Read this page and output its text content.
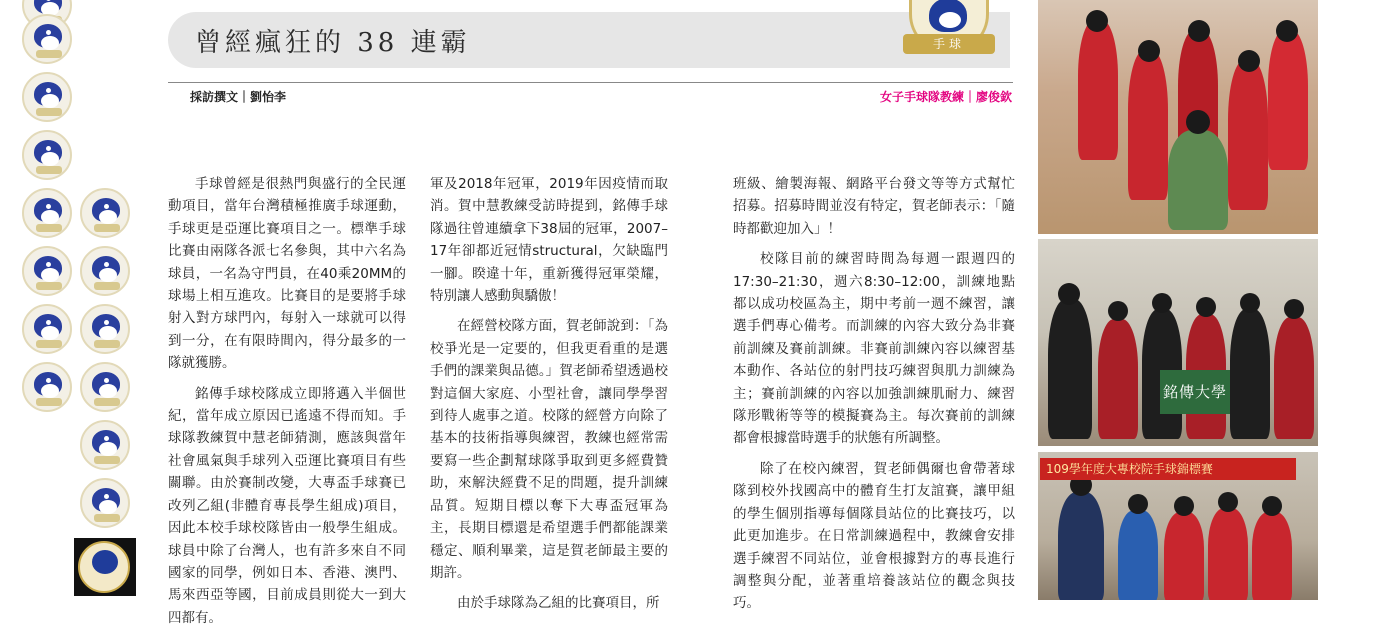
曾經瘋狂的 38 連霸	手球
採訪撰文｜劉怡李	女子手球隊教練｜廖俊欽

手球曾經是很熱門與盛行的全民運動項目，當年台灣積極推廣手球運動，手球更是亞運比賽項目之一。標準手球比賽由兩隊各派七名參與，其中六名為球員，一名為守門員，在40乘20MM的球場上相互進攻。比賽目的是要將手球射入對方球門內，每射入一球就可以得到一分，在有限時間內，得分最多的一隊就獲勝。

銘傳手球校隊成立即將邁入半個世紀，當年成立原因已遙遠不得而知。手球隊教練賀中慧老師猜測，應該與當年社會風氣與手球列入亞運比賽項目有些關聯。由於賽制改變，大專盃手球賽已改列乙組(非體育專長學生組成)項目，因此本校手球校隊皆由一般學生組成。球員中除了台灣人，也有許多來自不同國家的同學，例如日本、香港、澳門、馬來西亞等國，目前成員則從大一到大四都有。

軍及2018年冠軍，2019年因疫情而取消。賀中慧教練受訪時提到，銘傳手球隊過往曾連續拿下38屆的冠軍，2007–17年卻都近冠情structural，欠缺臨門一腳。睽違十年，重新獲得冠軍榮耀，特別讓人感動與驕傲！

在經營校隊方面，賀老師說到：「為校爭光是一定要的，但我更看重的是選手們的課業與品德。」賀老師希望透過校對這個大家庭、小型社會，讓同學學習到待人處事之道。校隊的經營方向除了基本的技術指導與練習，教練也經常需要寫一些企劃幫球隊爭取到更多經費贊助，來解決經費不足的問題，提升訓練品質。短期目標以奪下大專盃冠軍為主，長期目標還是希望選手們都能課業穩定、順利畢業，這是賀老師最主要的期許。

由於手球隊為乙組的比賽項目，所

班級、繪製海報、網路平台發文等等方式幫忙招募。招募時間並沒有特定，賀老師表示：「隨時都歡迎加入」！

校隊目前的練習時間為每週一跟週四的17:30–21:30，週六8:30–12:00，訓練地點都以成功校區為主，期中考前一週不練習，讓選手們專心備考。而訓練的內容大致分為非賽前訓練及賽前訓練。非賽前訓練內容以練習基本動作、各站位的射門技巧練習與肌力訓練為主；賽前訓練的內容以加強訓練肌耐力、練習隊形戰術等等的模擬賽為主。每次賽前的訓練都會根據當時選手的狀態有所調整。

除了在校內練習，賀老師偶爾也會帶著球隊到校外找國高中的體育生打友誼賽，讓甲組的學生個別指導每個隊員站位的比賽技巧，以此更加進步。在日常訓練過程中，教練會安排選手練習不同站位，並會根據對方的專長進行調整與分配，並著重培養該站位的觀念與技巧。

銘傳大學
109學年度大專校院手球錦標賽
